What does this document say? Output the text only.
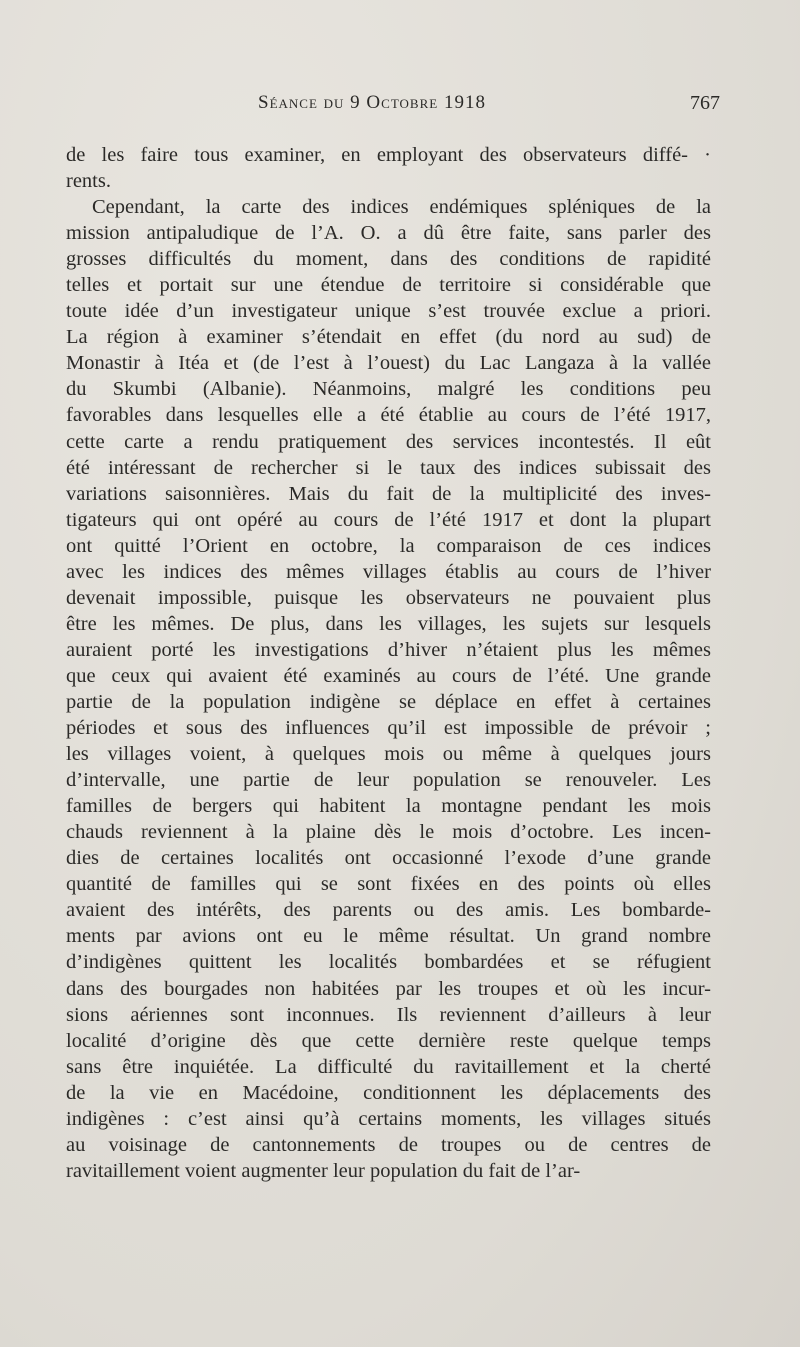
Séance du 9 Octobre 1918	767
de les faire tous examiner, en employant des observateurs diffé- ·
rents.
Cependant, la carte des indices endémiques spléniques de la
mission antipaludique de l’A. O. a dû être faite, sans parler des
grosses difficultés du moment, dans des conditions de rapidité
telles et portait sur une étendue de territoire si considérable que
toute idée d’un investigateur unique s’est trouvée exclue a priori.
La région à examiner s’étendait en effet (du nord au sud) de
Monastir à Itéa et (de l’est à l’ouest) du Lac Langaza à la vallée
du Skumbi (Albanie). Néanmoins, malgré les conditions peu
favorables dans lesquelles elle a été établie au cours de l’été 1917,
cette carte a rendu pratiquement des services incontestés. Il eût
été intéressant de rechercher si le taux des indices subissait des
variations saisonnières. Mais du fait de la multiplicité des inves-
tigateurs qui ont opéré au cours de l’été 1917 et dont la plupart
ont quitté l’Orient en octobre, la comparaison de ces indices
avec les indices des mêmes villages établis au cours de l’hiver
devenait impossible, puisque les observateurs ne pouvaient plus
être les mêmes. De plus, dans les villages, les sujets sur lesquels
auraient porté les investigations d’hiver n’étaient plus les mêmes
que ceux qui avaient été examinés au cours de l’été. Une grande
partie de la population indigène se déplace en effet à certaines
périodes et sous des influences qu’il est impossible de prévoir ;
les villages voient, à quelques mois ou même à quelques jours
d’intervalle, une partie de leur population se renouveler. Les
familles de bergers qui habitent la montagne pendant les mois
chauds reviennent à la plaine dès le mois d’octobre. Les incen-
dies de certaines localités ont occasionné l’exode d’une grande
quantité de familles qui se sont fixées en des points où elles
avaient des intérêts, des parents ou des amis. Les bombarde-
ments par avions ont eu le même résultat. Un grand nombre
d’indigènes quittent les localités bombardées et se réfugient
dans des bourgades non habitées par les troupes et où les incur-
sions aériennes sont inconnues. Ils reviennent d’ailleurs à leur
localité d’origine dès que cette dernière reste quelque temps
sans être inquiétée. La difficulté du ravitaillement et la cherté
de la vie en Macédoine, conditionnent les déplacements des
indigènes : c’est ainsi qu’à certains moments, les villages situés
au voisinage de cantonnements de troupes ou de centres de
ravitaillement voient augmenter leur population du fait de l’ar-
